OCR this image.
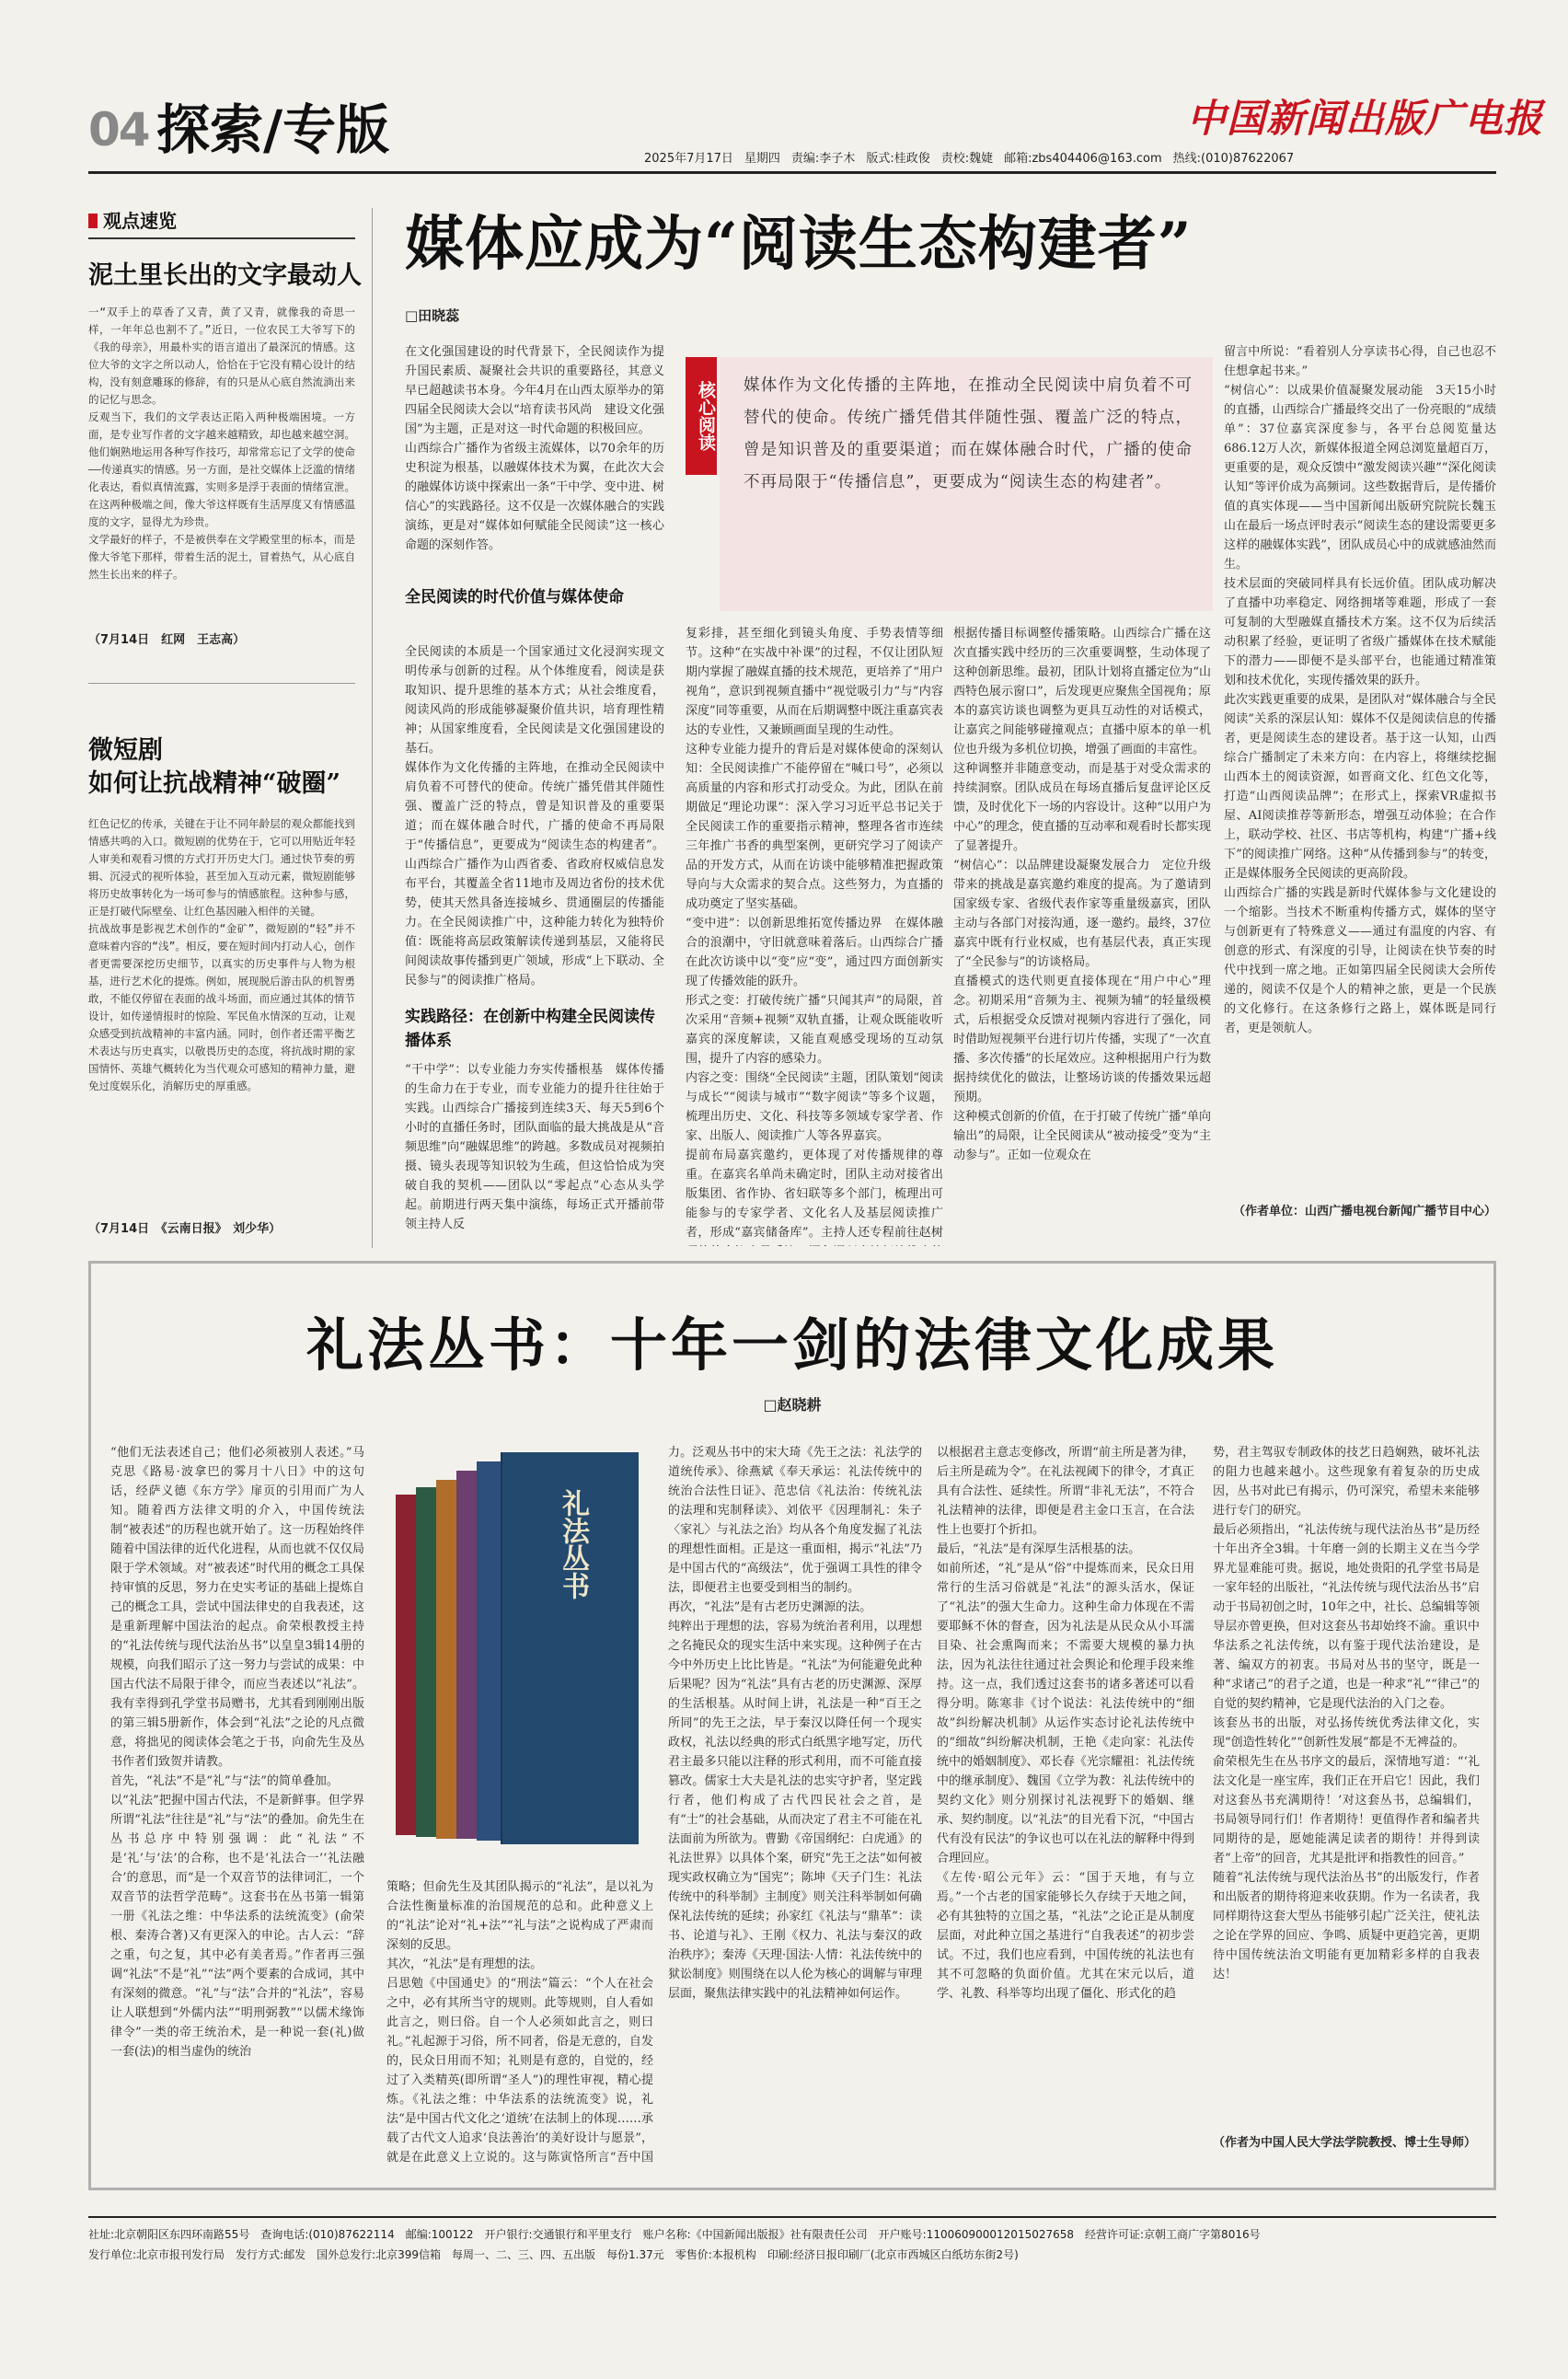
04 探索/专版	中国新闻出版广电报
2025年7月17日 星期四 责编:李子木 版式:桂政俊 责校:魏婕 邮箱:zbs404406@163.com 热线:(010)87622067
观点速览
泥土里长出的文字最动人
一“双手上的草香了又青，黄了又青，就像我的奇思一样，一年年总也割不了。”近日，一位农民工大爷写下的《我的母亲》，用最朴实的语言道出了最深沉的情感。这位大爷的文字之所以动人，恰恰在于它没有精心设计的结构，没有刻意雕琢的修辞，有的只是从心底自然流淌出来的记忆与思念。
反观当下，我们的文学表达正陷入两种极端困境。一方面，是专业写作者的文字越来越精致，却也越来越空洞。他们娴熟地运用各种写作技巧，却常常忘记了文学的使命——传递真实的情感。另一方面，是社交媒体上泛滥的情绪化表达，看似真情流露，实则多是浮于表面的情绪宣泄。在这两种极端之间，像大爷这样既有生活厚度又有情感温度的文字，显得尤为珍贵。
文学最好的样子，不是被供奉在文学殿堂里的标本，而是像大爷笔下那样，带着生活的泥土，冒着热气，从心底自然生长出来的样子。
（7月14日　红网　王志高）
微短剧
如何让抗战精神“破圈”
红色记忆的传承，关键在于让不同年龄层的观众都能找到情感共鸣的入口。微短剧的优势在于，它可以用贴近年轻人审美和观看习惯的方式打开历史大门。通过快节奏的剪辑、沉浸式的视听体验，甚至加入互动元素，微短剧能够将历史故事转化为一场可参与的情感旅程。这种参与感，正是打破代际壁垒、让红色基因融入相伴的关键。
抗战故事是影视艺术创作的“金矿”，微短剧的“轻”并不意味着内容的“浅”。相反，要在短时间内打动人心，创作者更需要深挖历史细节，以真实的历史事件与人物为根基，进行艺术化的提炼。例如，展现脱后游击队的机智勇敢，不能仅停留在表面的战斗场面，而应通过其体的情节设计，如传递情报时的惊险、军民鱼水情深的互动，让观众感受到抗战精神的丰富内涵。同时，创作者还需平衡艺术表达与历史真实，以敬畏历史的态度，将抗战时期的家国情怀、英雄气概转化为当代观众可感知的精神力量，避免过度娱乐化，消解历史的厚重感。
（7月14日　《云南日报》　刘少华）
媒体应成为“阅读生态构建者”
□田晓蕊
在文化强国建设的时代背景下，全民阅读作为提升国民素质、凝聚社会共识的重要路径，其意义早已超越读书本身。今年4月在山西太原举办的第四届全民阅读大会以“培育读书风尚　建设文化强国”为主题，正是对这一时代命题的积极回应。
山西综合广播作为省级主流媒体，以70余年的历史积淀为根基，以融媒体技术为翼，在此次大会的融媒体访谈中探索出一条“干中学、变中进、树信心”的实践路径。这不仅是一次媒体融合的实践演练，更是对“媒体如何赋能全民阅读”这一核心命题的深刻作答。
全民阅读的时代价值与媒体使命
全民阅读的本质是一个国家通过文化浸润实现文明传承与创新的过程。从个体维度看，阅读是获取知识、提升思维的基本方式；从社会维度看，阅读风尚的形成能够凝聚价值共识，培育理性精神；从国家维度看，全民阅读是文化强国建设的基石。
媒体作为文化传播的主阵地，在推动全民阅读中肩负着不可替代的使命。传统广播凭借其伴随性强、覆盖广泛的特点，曾是知识普及的重要渠道；而在媒体融合时代，广播的使命不再局限于“传播信息”，更要成为“阅读生态的构建者”。山西综合广播作为山西省委、省政府权威信息发布平台，其覆盖全省11地市及周边省份的技术优势，使其天然具备连接城乡、贯通圈层的传播能力。在全民阅读推广中，这种能力转化为独特价值：既能将高层政策解读传递到基层，又能将民间阅读故事传播到更广领域，形成“上下联动、全民参与”的阅读推广格局。
实践路径：在创新中构建全民阅读传播体系
“干中学”：以专业能力夯实传播根基　媒体传播的生命力在于专业，而专业能力的提升往往始于实践。山西综合广播接到连续3天、每天5到6个小时的直播任务时，团队面临的最大挑战是从“音频思维”向“融媒思维”的跨越。多数成员对视频拍摄、镜头表现等知识较为生疏，但这恰恰成为突破自我的契机——团队以“零起点”心态从头学起。前期进行两天集中演练，每场正式开播前带领主持人反
核心阅读 媒体作为文化传播的主阵地，在推动全民阅读中肩负着不可替代的使命。传统广播凭借其伴随性强、覆盖广泛的特点，曾是知识普及的重要渠道；而在媒体融合时代，广播的使命不再局限于“传播信息”，更要成为“阅读生态的构建者”。
复彩排，甚至细化到镜头角度、手势表情等细节。这种“在实战中补课”的过程，不仅让团队短期内掌握了融媒直播的技术规范，更培养了“用户视角”，意识到视频直播中“视觉吸引力”与“内容深度”同等重要，从而在后期调整中既注重嘉宾表达的专业性，又兼顾画面呈现的生动性。
这种专业能力提升的背后是对媒体使命的深刻认知：全民阅读推广不能停留在“喊口号”，必须以高质量的内容和形式打动受众。为此，团队在前期做足“理论功课”：深入学习习近平总书记关于全民阅读工作的重要指示精神，整理各省市连续三年推广书香的典型案例，更研究学习了阅读产品的开发方式，从而在访谈中能够精准把握政策导向与大众需求的契合点。这些努力，为直播的成功奠定了坚实基础。
“变中进”：以创新思维拓宽传播边界　在媒体融合的浪潮中，守旧就意味着落后。山西综合广播在此次访谈中以“变”应“变”，通过四方面创新实现了传播效能的跃升。
形式之变：打破传统广播“只闻其声”的局限，首次采用“音频+视频”双轨直播，让观众既能收听嘉宾的深度解读，又能直观感受现场的互动氛围，提升了内容的感染力。
内容之变：围绕“全民阅读”主题，团队策划“阅读与成长”“阅读与城市”“数字阅读”等多个议题，梳理出历史、文化、科技等多领域专家学者、作家、出版人、阅读推广人等各界嘉宾。
提前布局嘉宾邀约，更体现了对传播规律的尊重。在嘉宾名单尚未确定时，团队主动对接省出版集团、省作协、省妇联等多个部门，梳理出可能参与的专家学者、文化名人及基层阅读推广者，形成“嘉宾储备库”。主持人还专程前往赵树

根据传播目标调整传播策略。山西综合广播在这次直播实践中经历的三次重要调整，生动体现了这种创新思维。最初，团队计划将直播定位为“山西特色展示窗口”，后发现更应聚焦全国视角；原本的嘉宾访谈也调整为更具互动性的对话模式，让嘉宾之间能够碰撞观点；直播中原本的单一机位也升级为多机位切换，增强了画面的丰富性。
这种调整并非随意变动，而是基于对受众需求的持续洞察。团队成员在每场直播后复盘评论区反馈，及时优化下一场的内容设计。这种“以用户为中心”的理念，使直播的互动率和观看时长都实现了显著提升。
“树信心”：以品牌建设凝聚发展合力　定位升级带来的挑战是嘉宾邀约难度的提高。为了邀请到国家级专家、省级代表作家等重量级嘉宾，团队主动与各部门对接沟通，逐一邀约。最终，37位嘉宾中既有行业权威，也有基层代表，真正实现了“全民参与”的访谈格局。
直播模式的迭代则更直接体现在“用户中心”理念。初期采用“音频为主、视频为辅”的轻量级模式，后根据受众反馈对视频内容进行了强化，同时借助短视频平台进行切片传播，实现了“一次直播、多次传播”的长尾效应。这种根据用户行为数据持续优化的做法，让整场访谈的传播效果远超预期。
这种模式创新的价值，在于打破了传统广播“单向输出”的局限，让全民阅读从“被动接受”变为“主动参与”。正如一位观众在
留言中所说：“看着别人分享读书心得，自己也忍不住想拿起书来。”
“树信心”：以成果价值凝聚发展动能　3天15小时的直播，山西综合广播最终交出了一份亮眼的“成绩单”：37位嘉宾深度参与，各平台总阅览量达686.12万人次，新媒体报道全网总浏览量超百万，更重要的是，观众反馈中“激发阅读兴趣”“深化阅读认知”等评价成为高频词。这些数据背后，是传播价值的真实体现——当中国新闻出版研究院院长魏玉山在最后一场点评时表示“阅读生态的建设需要更多这样的融媒体实践”，团队成员心中的成就感油然而生。
技术层面的突破同样具有长远价值。团队成功解决了直播中功率稳定、网络拥堵等难题，形成了一套可复制的大型融媒直播技术方案。这不仅为后续活动积累了经验，更证明了省级广播媒体在技术赋能下的潜力——即便不是头部平台，也能通过精准策划和技术优化，实现传播效果的跃升。
此次实践更重要的成果，是团队对“媒体融合与全民阅读”关系的深层认知：媒体不仅是阅读信息的传播者，更是阅读生态的建设者。基于这一认知，山西综合广播制定了未来方向：在内容上，将继续挖掘山西本土的阅读资源，如晋商文化、红色文化等，打造“山西阅读品牌”；在形式上，探索VR虚拟书屋、AI阅读推荐等新形态，增强互动体验；在合作上，联动学校、社区、书店等机构，构建“广播+线下”的阅读推广网络。这种“从传播到参与”的转变，正是媒体服务全民阅读的更高阶段。
山西综合广播的实践是新时代媒体参与文化建设的一个缩影。当技术不断重构传播方式，媒体的坚守与创新更有了特殊意义——通过有温度的内容、有创意的形式、有深度的引导，让阅读在快节奏的时代中找到一席之地。正如第四届全民阅读大会所传递的，阅读不仅是个人的精神之旅，更是一个民族的文化修行。在这条修行之路上，媒体既是同行者，更是领航人。
（作者单位：山西广播电视台新闻广播节目中心）
礼法丛书：十年一剑的法律文化成果
□赵晓耕
“他们无法表述自己；他们必须被别人表述。”马克思《路易·波拿巴的雾月十八日》中的这句话，经萨义德《东方学》扉页的引用而广为人知。随着西方法律文明的介入，中国传统法制“被表述”的历程也就开始了。这一历程始终伴随着中国法律的近代化进程，从而也就不仅仅局限于学术领域。对“被表述”时代用的概念工具保持审慎的反思，努力在史实考证的基础上提炼自己的概念工具，尝试中国法律史的自我表述，这是重新理解中国法治的起点。俞荣根教授主持的“礼法传统与现代法治丛书”以皇皇3辑14册的规模，向我们昭示了这一努力与尝试的成果：中国古代法不局限于律令，而应当表述以“礼法”。我有幸得到孔学堂书局赠书，尤其看到刚刚出版的第三辑5册新作，体会到“礼法”之论的凡点微意，将拙见的阅读体会笔之于书，向俞先生及丛书作者们致贺并请教。
首先，“礼法”不是“礼”与“法”的简单叠加。
以“礼法”把握中国古代法，不是新鲜事。但学界所谓“礼法”往往是“礼”与“法”的叠加。俞先生在丛书总序中特别强调：此“礼法”不是‘礼’与‘法’的合称，也不是‘礼法合一’‘礼法融合’的意思，而“是一个双音节的法律词汇，一个双音节的法哲学范畴”。这套书在丛书第一辑第一册《礼法之维：中华法系的法统流变》(俞荣根、秦涛合著)又有更深入的申论。古人云：“辞之重，句之复，其中必有美者焉。”作者再三强调“礼法”不是“礼”“法”两个要素的合成词，其中有深刻的微意。“礼”与“法”合并的“礼法”，容易让人联想到“外儒内法”“明刑弼教”“以儒术缘饰律令”一类的帝王统治术，是一种说一套(礼)做一套(法)的相当虚伪的统治
礼法丛书
策略；但俞先生及其团队揭示的“礼法”，是以礼为合法性衡量标准的治国规范的总和。此种意义上的“礼法”论对“礼+法”“礼与法”之说构成了严肃而深刻的反思。
其次，“礼法”是有理想的法。
吕思勉《中国通史》的“刑法”篇云：“个人在社会之中，必有其所当守的规则。此等规则，自人看如此言之，则曰俗。自一个人必须如此言之，则曰礼。”礼起源于习俗，所不同者，俗是无意的，自发的，民众日用而不知；礼则是有意的，自觉的，经过了入类精英(即所谓“圣人”)的理性审视，精心提炼。《礼法之维：中华法系的法统流变》说，礼法“是中国古代文化之‘道统’在法制上的体现……承载了古代文人追求‘良法善治’的美好设计与愿景”，就是在此意义上立说的。这与陈寅恪所言“吾中国
力。泛观丛书中的宋大琦《先王之法：礼法学的道统传承》、徐燕斌《奉天承运：礼法传统中的统治合法性日证》、范忠信《礼法治：传统礼法的法理和宪制释读》、刘依平《因理制礼：朱子〈家礼〉与礼法之治》均从各个角度发掘了礼法的理想性面相。正是这一重面相，揭示“礼法”乃是中国古代的“高级法”，优于强调工具性的律令法，即便君主也要受到相当的制约。
再次，“礼法”是有古老历史渊源的法。
纯粹出于理想的法，容易为统治者利用，以理想之名掩民众的现实生活中来实现。这种例子在古今中外历史上比比皆是。“礼法”为何能避免此种后果呢？因为“礼法”具有古老的历史渊源、深厚的生活根基。从时间上讲，礼法是一种“百王之所同”的先王之法，早于秦汉以降任何一个现实政权，礼法以经典的形式白纸黑字地写定，历代君主最多只能以注释的形式利用，而不可能直接篡改。儒家士大夫是礼法的忠实守护者，坚定践行者，他们构成了古代四民社会之首，是有“士”的社会基础，从而决定了君主不可能在礼法面前为所欲为。曹勤《帝国纲纪：白虎通》的礼法世界》以具体个案，研究“先王之法”如何被现实政权确立为“国宪”；陈坤《天子门生：礼法传统中的科举制》主制度》则关注科举制如何确保礼法传统的延续；孙家红《礼法与“鼎革”：读书、论道与礼》、王刚《权力、礼法与秦汉的政治秩序》；秦涛《天理·国法·人情：礼法传统中的狱讼制度》则围绕在以人伦为核心的调解与审理层面，聚焦法律实践中的礼法精神如何运作。
以根据君主意志变修改，所谓“前主所是著为律，后主所是疏为令”。在礼法视阈下的律令，才真正具有合法性、延续性。所谓“非礼无法”，不符合礼法精神的法律，即便是君主金口玉言，在合法性上也要打个折扣。
最后，“礼法”是有深厚生活根基的法。
如前所述，“礼”是从“俗”中提炼而来，民众日用常行的生活习俗就是“礼法”的源头活水，保证了“礼法”的强大生命力。这种生命力体现在不需要耶稣不休的督查，因为礼法是从民众从小耳濡目染、社会熏陶而来；不需要大规模的暴力执法，因为礼法往往通过社会舆论和伦理手段来维持。这一点，我们透过这套书的诸多著述可以看得分明。陈寒非《讨个说法：礼法传统中的“细故”纠纷解决机制》从运作实态讨论礼法传统中的“细故”纠纷解决机制，王艳《走向家：礼法传统中的婚姻制度》、邓长春《光宗耀祖：礼法传统中的继承制度》、魏国《立学为教：礼法传统中的契约文化》则分别探讨礼法视野下的婚姻、继承、契约制度。以“礼法”的目光看下沉，“中国古代有没有民法”的争议也可以在礼法的解释中得到合理回应。
《左传·昭公元年》云：“国于天地，有与立焉。”一个古老的国家能够长久存续于天地之间，必有其独特的立国之基，“礼法”之论正是从制度层面，对此种立国之基进行“自我表述”的初步尝试。不过，我们也应看到，中国传统的礼法也有其不可忽略的负面价值。尤其在宋元以后，道学、礼教、科举等均出现了僵化、形式化的趋
势，君主驾驭专制政体的技艺日趋娴熟，破坏礼法的阻力也越来越小。这些现象有着复杂的历史成因，丛书对此已有揭示，仍可深究，希望未来能够进行专门的研究。
最后必须指出，“礼法传统与现代法治丛书”是历经十年出齐全3辑。十年磨一剑的长期主义在当今学界尤显难能可贵。据说，地处贵阳的孔学堂书局是一家年轻的出版社，“礼法传统与现代法治丛书”启动于书局初创之时，10年之中，社长、总编辑等领导层亦曾更换，但对这套丛书却始终不渝。重识中华法系之礼法传统，以有鉴于现代法治建设，是著、编双方的初衷。书局对丛书的坚守，既是一种“求诸己”的君子之道，也是一种求“礼”“律己”的自觉的契约精神，它是现代法治的入门之卷。
该套丛书的出版，对弘扬传统优秀法律文化，实现“创造性转化”“创新性发展”都是不无裨益的。
俞荣根先生在丛书序文的最后，深情地写道：“‘礼法文化是一座宝库，我们正在开启它！因此，我们对这套丛书充满期待！’对这套丛书，总编辑们，书局领导同行们！作者期待！更值得作者和编者共同期待的是，愿她能满足读者的期待！并得到读者“上帝”的回音，尤其是批评和指教性的回音。”
随着“礼法传统与现代法治丛书”的出版发行，作者和出版者的期待将迎来收获期。作为一名读者，我同样期待这套大型丛书能够引起广泛关注，使礼法之论在学界的回应、争鸣、质疑中更趋完善，更期待中国传统法治文明能有更加精彩多样的自我表达！
（作者为中国人民大学法学院教授、博士生导师）
社址:北京朝阳区东四环南路55号　查询电话:(010)87622114　邮编:100122　开户银行:交通银行和平里支行　账户名称:《中国新闻出版报》社有限责任公司　开户账号:110060900012015027658　经营许可证:京朝工商广字第8016号
发行单位:北京市报刊发行局　发行方式:邮发　国外总发行:北京399信箱　每周一、二、三、四、五出版　每份1.37元　零售价:本报机构　印刷:经济日报印刷厂(北京市西城区白纸坊东街2号)
